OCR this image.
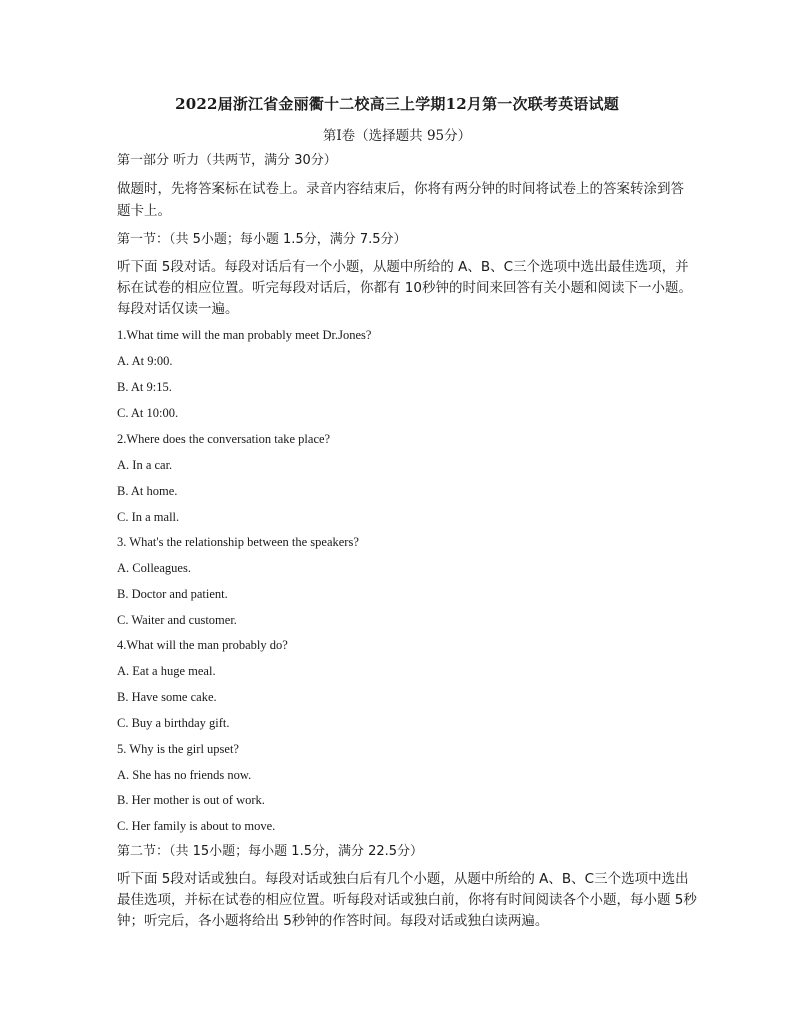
2022届浙江省金丽衢十二校高三上学期12月第一次联考英语试题
第Ⅰ卷（选择题共 95分）
第一部分 听力（共两节，满分 30分）
做题时，先将答案标在试卷上。录音内容结束后，你将有两分钟的时间将试卷上的答案转涂到答题卡上。
第一节：（共 5小题；每小题 1.5分，满分 7.5分）
听下面 5段对话。每段对话后有一个小题，从题中所给的 A、B、C三个选项中选出最佳选项，并标在试卷的相应位置。听完每段对话后，你都有 10秒钟的时间来回答有关小题和阅读下一小题。每段对话仅读一遍。
1.What time will the man probably meet Dr.Jones?
A. At 9:00.
B. At 9:15.
C. At 10:00.
2.Where does the conversation take place?
A. In a car.
B. At home.
C. In a mall.
3. What's the relationship between the speakers?
A. Colleagues.
B. Doctor and patient.
C. Waiter and customer.
4.What will the man probably do?
A. Eat a huge meal.
B. Have some cake.
C. Buy a birthday gift.
5. Why is the girl upset?
A. She has no friends now.
B. Her mother is out of work.
C. Her family is about to move.
第二节：（共 15小题；每小题 1.5分，满分 22.5分）
听下面 5段对话或独白。每段对话或独白后有几个小题，从题中所给的 A、B、C三个选项中选出最佳选项，并标在试卷的相应位置。听每段对话或独白前，你将有时间阅读各个小题，每小题 5秒钟；听完后，各小题将给出 5秒钟的作答时间。每段对话或独白读两遍。
